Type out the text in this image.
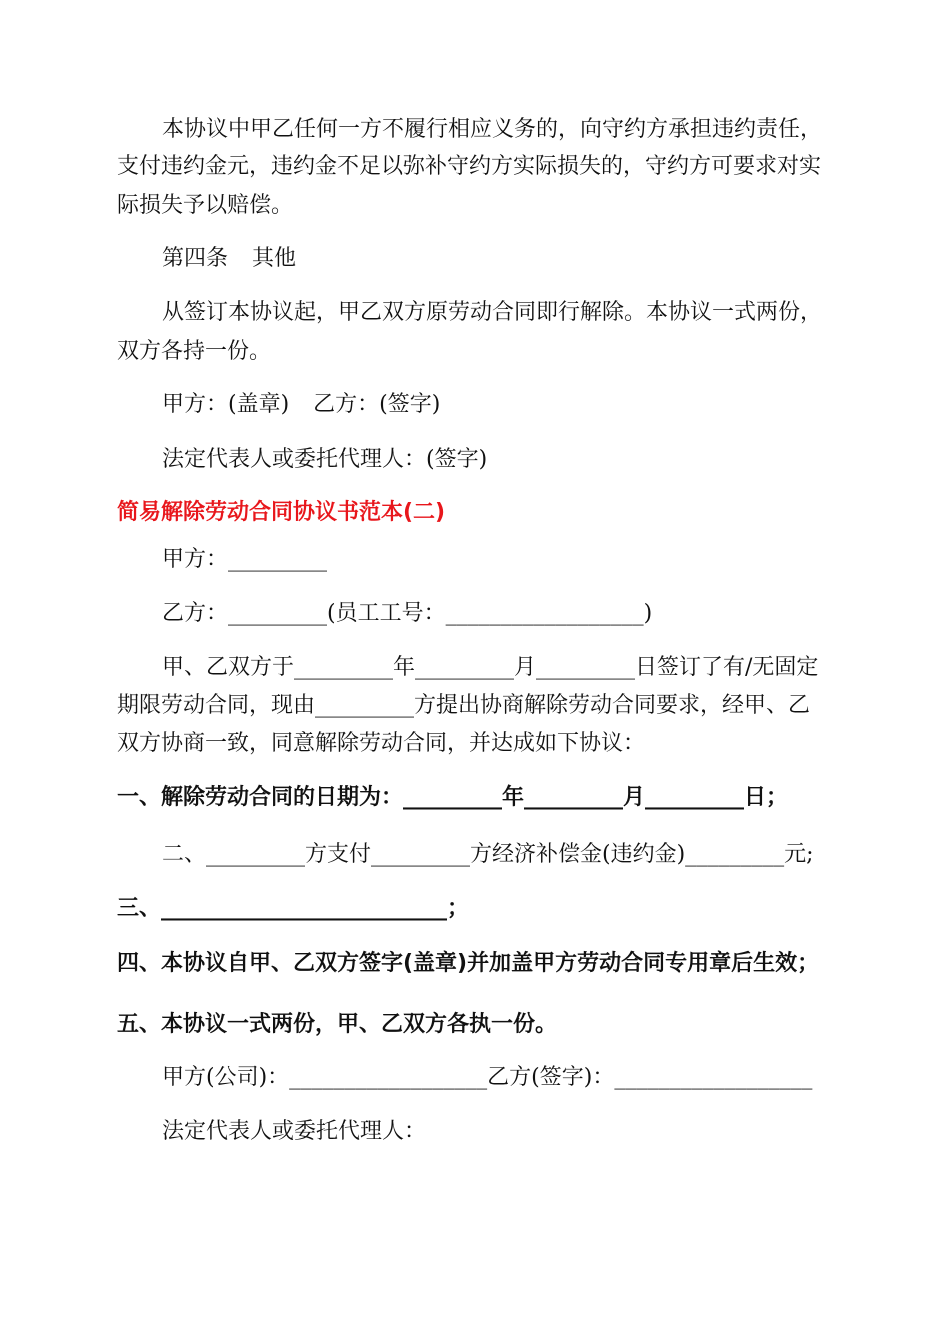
本协议中甲乙任何一方不履行相应义务的，向守约方承担违约责任，
支付违约金元，违约金不足以弥补守约方实际损失的，守约方可要求对实
际损失予以赔偿。
第四条 其他
从签订本协议起，甲乙双方原劳动合同即行解除。本协议一式两份，
双方各持一份。
甲方：(盖章) 乙方：(签字)
法定代表人或委托代理人：(签字)
简易解除劳动合同协议书范本(二)
甲方：_________
乙方：_________(员工工号：__________________)
甲、乙双方于_________年_________月_________日签订了有/无固定
期限劳动合同，现由_________方提出协商解除劳动合同要求，经甲、乙
双方协商一致，同意解除劳动合同，并达成如下协议：
一、解除劳动合同的日期为：_________年_________月_________日；
二、_________方支付_________方经济补偿金(违约金)_________元;
三、__________________________；
四、本协议自甲、乙双方签字(盖章)并加盖甲方劳动合同专用章后生效；
五、本协议一式两份，甲、乙双方各执一份。
甲方(公司)：__________________乙方(签字)：__________________
法定代表人或委托代理人：
